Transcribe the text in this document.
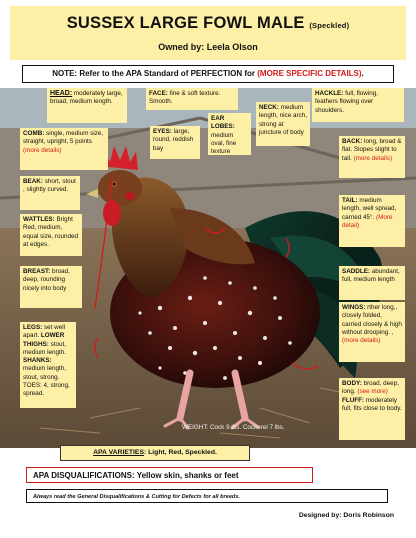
SUSSEX LARGE FOWL MALE (Speckled)
Owned by: Leela Olson
NOTE: Refer to the APA Standard of PERFECTION for (MORE SPECIFIC DETAILS).
HEAD: moderately large, broad, medium length.
FACE: fine & soft texture. Smooth.
HACKLE: full, flowing, feathers flowing over shoulders.
NECK: medium length, nice arch, strong at juncture of body
EAR LOBES: medium oval, fine texture
EYES: large, round, reddish bay
COMB: single, medium size, straight, upright, 5 points (more details)
BACK: long, broad & flat. Slopes slight to tail. (more details)
BEAK: short, stout , slightly curved.
TAIL: medium length, well spread, carried 45°. (More detail)
WATTLES: Bright Red, medium, equal size, rounded at edges.
BREAST: broad, deep, rounding nicely into body
SADDLE: abundant, full, medium length
WINGS: rther long,, closely folded, carried closely & high without drooping. , (more details)
LEGS: set well apart. LOWER THIGHS: stout, medium length. SHANKS: medium length, stout, strong. TOES: 4, strong, spread.
BODY: broad, deep, long. (see more) FLUFF: moderately full, fits close to body.
WEIGHT: Cock 9 lbs. Cockerel 7 lbs.
APA VARIETIES: Light, Red, Speckled.
APA DISQUALIFICATIONS: Yellow skin, shanks or feet
Always read the General Disqualifications & Cutting for Defects for all breeds.
Designed by: Doris Robinson
